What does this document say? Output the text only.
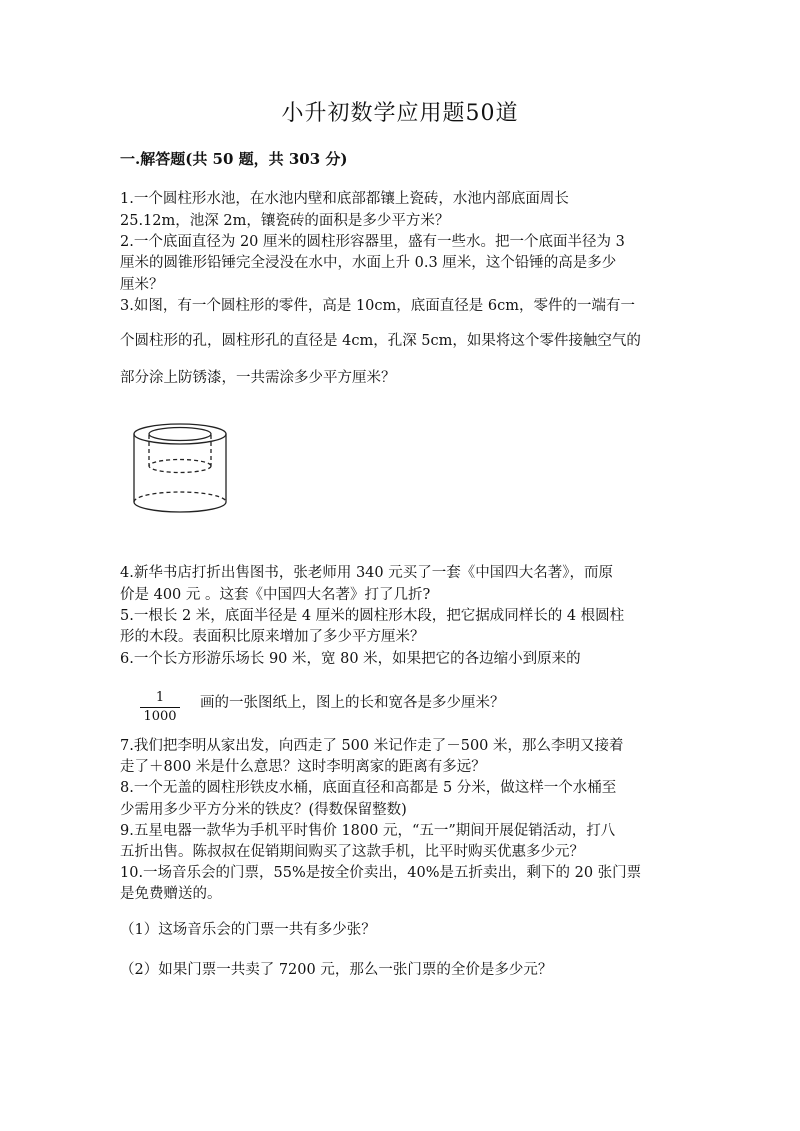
小升初数学应用题50道
一.解答题(共 50 题，共 303 分)
1.一个圆柱形水池，在水池内壁和底部都镶上瓷砖，水池内部底面周长
25.12m，池深 2m，镶瓷砖的面积是多少平方米？
2.一个底面直径为 20 厘米的圆柱形容器里，盛有一些水。把一个底面半径为 3
厘米的圆锥形铅锤完全浸没在水中，水面上升 0.3 厘米，这个铅锤的高是多少
厘米？
3.如图，有一个圆柱形的零件，高是 10cm，底面直径是 6cm，零件的一端有一
个圆柱形的孔，圆柱形孔的直径是 4cm，孔深 5cm，如果将这个零件接触空气的
部分涂上防锈漆，一共需涂多少平方厘米？
4.新华书店打折出售图书，张老师用 340 元买了一套《中国四大名著》，而原
价是 400 元 。这套《中国四大名著》打了几折?
5.一根长 2 米，底面半径是 4 厘米的圆柱形木段，把它据成同样长的 4 根圆柱
形的木段。表面积比原来增加了多少平方厘米？
6.一个长方形游乐场长 90 米，宽 80 米，如果把它的各边缩小到原来的
1
1000
画的一张图纸上，图上的长和宽各是多少厘米？
7.我们把李明从家出发，向西走了 500 米记作走了－500 米，那么李明又接着
走了＋800 米是什么意思？这时李明离家的距离有多远？
8.一个无盖的圆柱形铁皮水桶，底面直径和高都是 5 分米，做这样一个水桶至
少需用多少平方分米的铁皮？(得数保留整数)
9.五星电器一款华为手机平时售价 1800 元，“五一”期间开展促销活动，打八
五折出售。陈叔叔在促销期间购买了这款手机，比平时购买优惠多少元？
10.一场音乐会的门票，55%是按全价卖出，40%是五折卖出，剩下的 20 张门票
是免费赠送的。
（1）这场音乐会的门票一共有多少张？
（2）如果门票一共卖了 7200 元，那么一张门票的全价是多少元？
